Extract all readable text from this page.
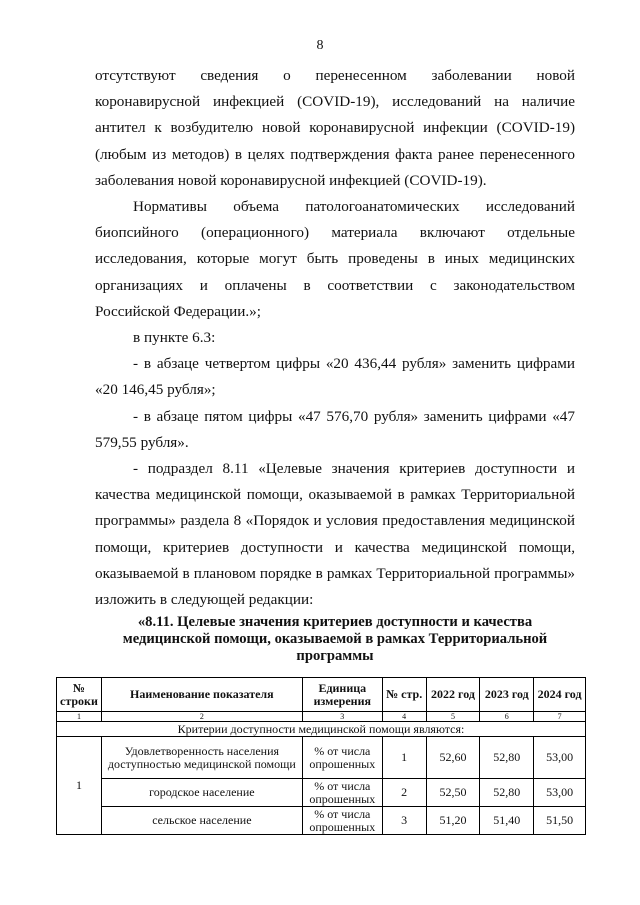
8

отсутствуют сведения о перенесенном заболевании новой коронавирусной инфекцией (COVID-19), исследований на наличие антител к возбудителю новой коронавирусной инфекции (COVID-19) (любым из методов) в целях подтверждения факта ранее перенесенного заболевания новой коронавирусной инфекцией (COVID-19).

Нормативы объема патологоанатомических исследований биопсийного (операционного) материала включают отдельные исследования, которые могут быть проведены в иных медицинских организациях и оплачены в соответствии с законодательством Российской Федерации.»;

в пункте 6.3:

- в абзаце четвертом цифры «20 436,44 рубля» заменить цифрами «20 146,45 рубля»;

- в абзаце пятом цифры «47 576,70 рубля» заменить цифрами «47 579,55 рубля».

- подраздел 8.11 «Целевые значения критериев доступности и качества медицинской помощи, оказываемой в рамках Территориальной программы» раздела 8 «Порядок и условия предоставления медицинской помощи, критериев доступности и качества медицинской помощи, оказываемой в плановом порядке в рамках Территориальной программы» изложить в следующей редакции:

«8.11. Целевые значения критериев доступности и качества медицинской помощи, оказываемой в рамках Территориальной программы
№ строки	Наименование показателя	Единица измерения	№ стр.	2022 год	2023 год	2024 год
1	2	3	4	5	6	7
Критерии доступности медицинской помощи являются:						
1	Удовлетворенность населения доступностью медицинской помощи	% от числа опрошенных	1	52,60	52,80	53,00
	городское население	% от числа опрошенных	2	52,50	52,80	53,00
	сельское население	% от числа опрошенных	3	51,20	51,40	51,50
